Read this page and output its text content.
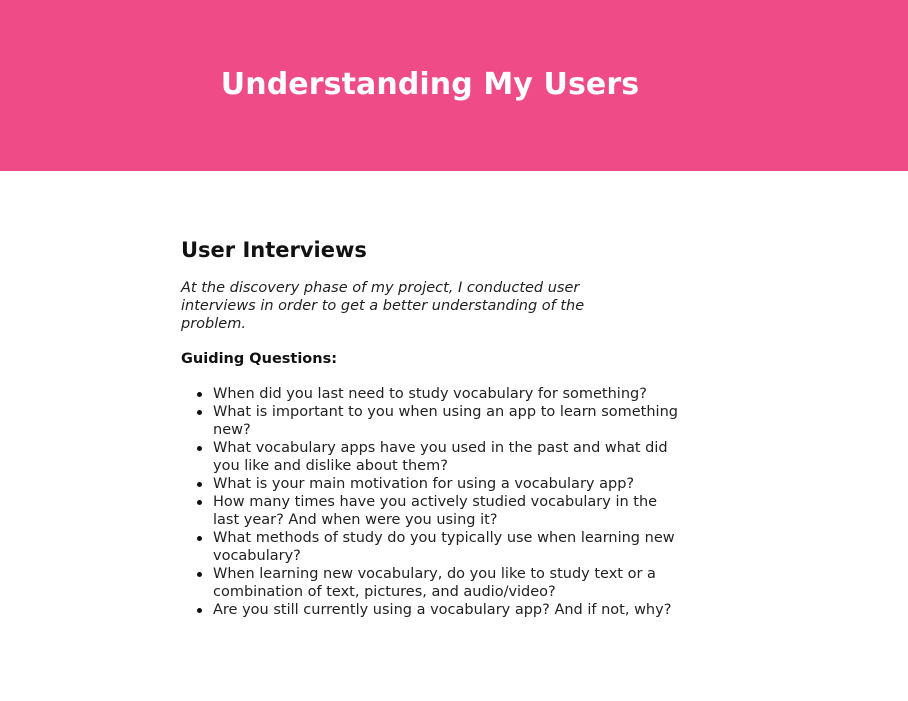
Understanding My Users
User Interviews

At the discovery phase of my project, I conducted user interviews in order to get a better understanding of the problem.

Guiding Questions:

When did you last need to study vocabulary for something?
What is important to you when using an app to learn something new?
What vocabulary apps have you used in the past and what did you like and dislike about them?
What is your main motivation for using a vocabulary app?
How many times have you actively studied vocabulary in the last year? And when were you using it?
What methods of study do you typically use when learning new vocabulary?
When learning new vocabulary, do you like to study text or a combination of text, pictures, and audio/video?
Are you still currently using a vocabulary app? And if not, why?
